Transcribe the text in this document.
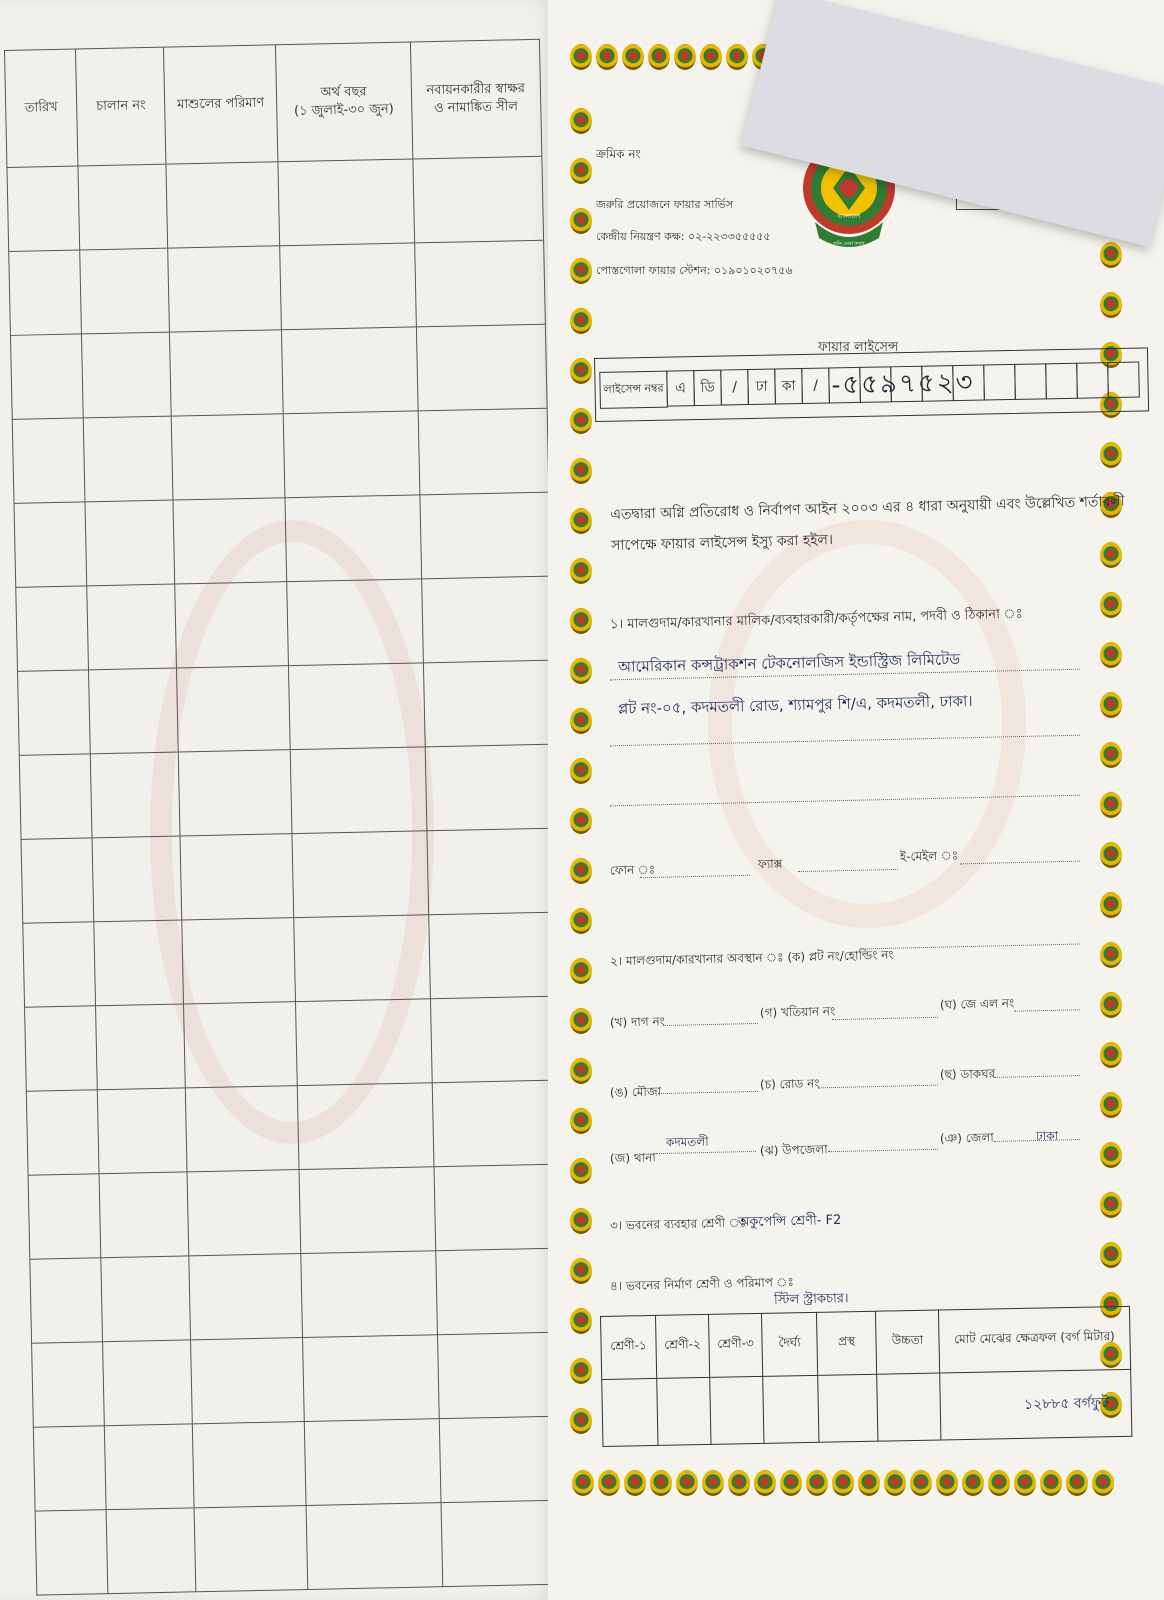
তারিখ	চালান নং	মাশুলের পরিমাণ	অর্থ বছর
(১ জুলাই-৩০ জুন)	নবায়নকারীর স্বাক্ষর
ও নামাঙ্কিত সীল

ক্রমিক নং
জরুরি প্রয়োজনে ফায়ার সার্ভিস
কেন্দ্রীয় নিয়ন্ত্রণ কক্ষ: ০২-২২৩৩৫৫৫৫৫
পোস্তগোলা ফায়ার স্টেশন: ০১৯০১০২০৭৫৬
বাংলাদেশ
গতি সেবা ত্যাগ
ফায়ার লাইসেন্স
লাইসেন্স নম্বর এ	ডি	/	ঢা কা	/ -৫৫৯৭৫২৩
এতদ্বারা অগ্নি প্রতিরোধ ও নির্বাপণ আইন ২০০৩ এর ৪ ধারা অনুযায়ী এবং উল্লেখিত শর্তাবলী সাপেক্ষে ফায়ার লাইসেন্স ইস্যু করা হইল।
১। মালগুদাম/কারখানার মালিক/ব্যবহারকারী/কর্তৃপক্ষের নাম, পদবী ও ঠিকানা ঃ
আমেরিকান কন্সট্রাকশন টেকনোলজিস ইন্ডাস্ট্রিজ লিমিটেড
প্লট নং-০৫, কদমতলী রোড, শ্যামপুর শি/এ, কদমতলী, ঢাকা।
ফোন ঃ	ফ্যাক্স
ই-মেইল ঃ
২। মালগুদাম/কারখানার অবস্থান ঃ (ক) প্লট নং/হোল্ডিং নং
(খ) দাগ নং
(গ) খতিয়ান নং
(ঘ) জে এল নং
(ঙ) মৌজা
(চ) রোড নং
(ছ) ডাকঘর
(জ) থানা
কদমতলী
(ঝ) উপজেলা
(ঞ) জেলা	ঢাকা
৩। ভবনের ব্যবহার শ্রেণী ঃ
অকুপেন্সি শ্রেণী- F2
৪। ভবনের নির্মাণ শ্রেণী ও পরিমাপ ঃ
স্টিল স্ট্রাকচার।
শ্রেণী-১	শ্রেণী-২	শ্রেণী-৩	দৈর্ঘ্য	প্রস্থ	উচ্চতা	মোট মেঝের ক্ষেত্রফল (বর্গ মিটার)
						১২৮৮৫ বর্গফুট
